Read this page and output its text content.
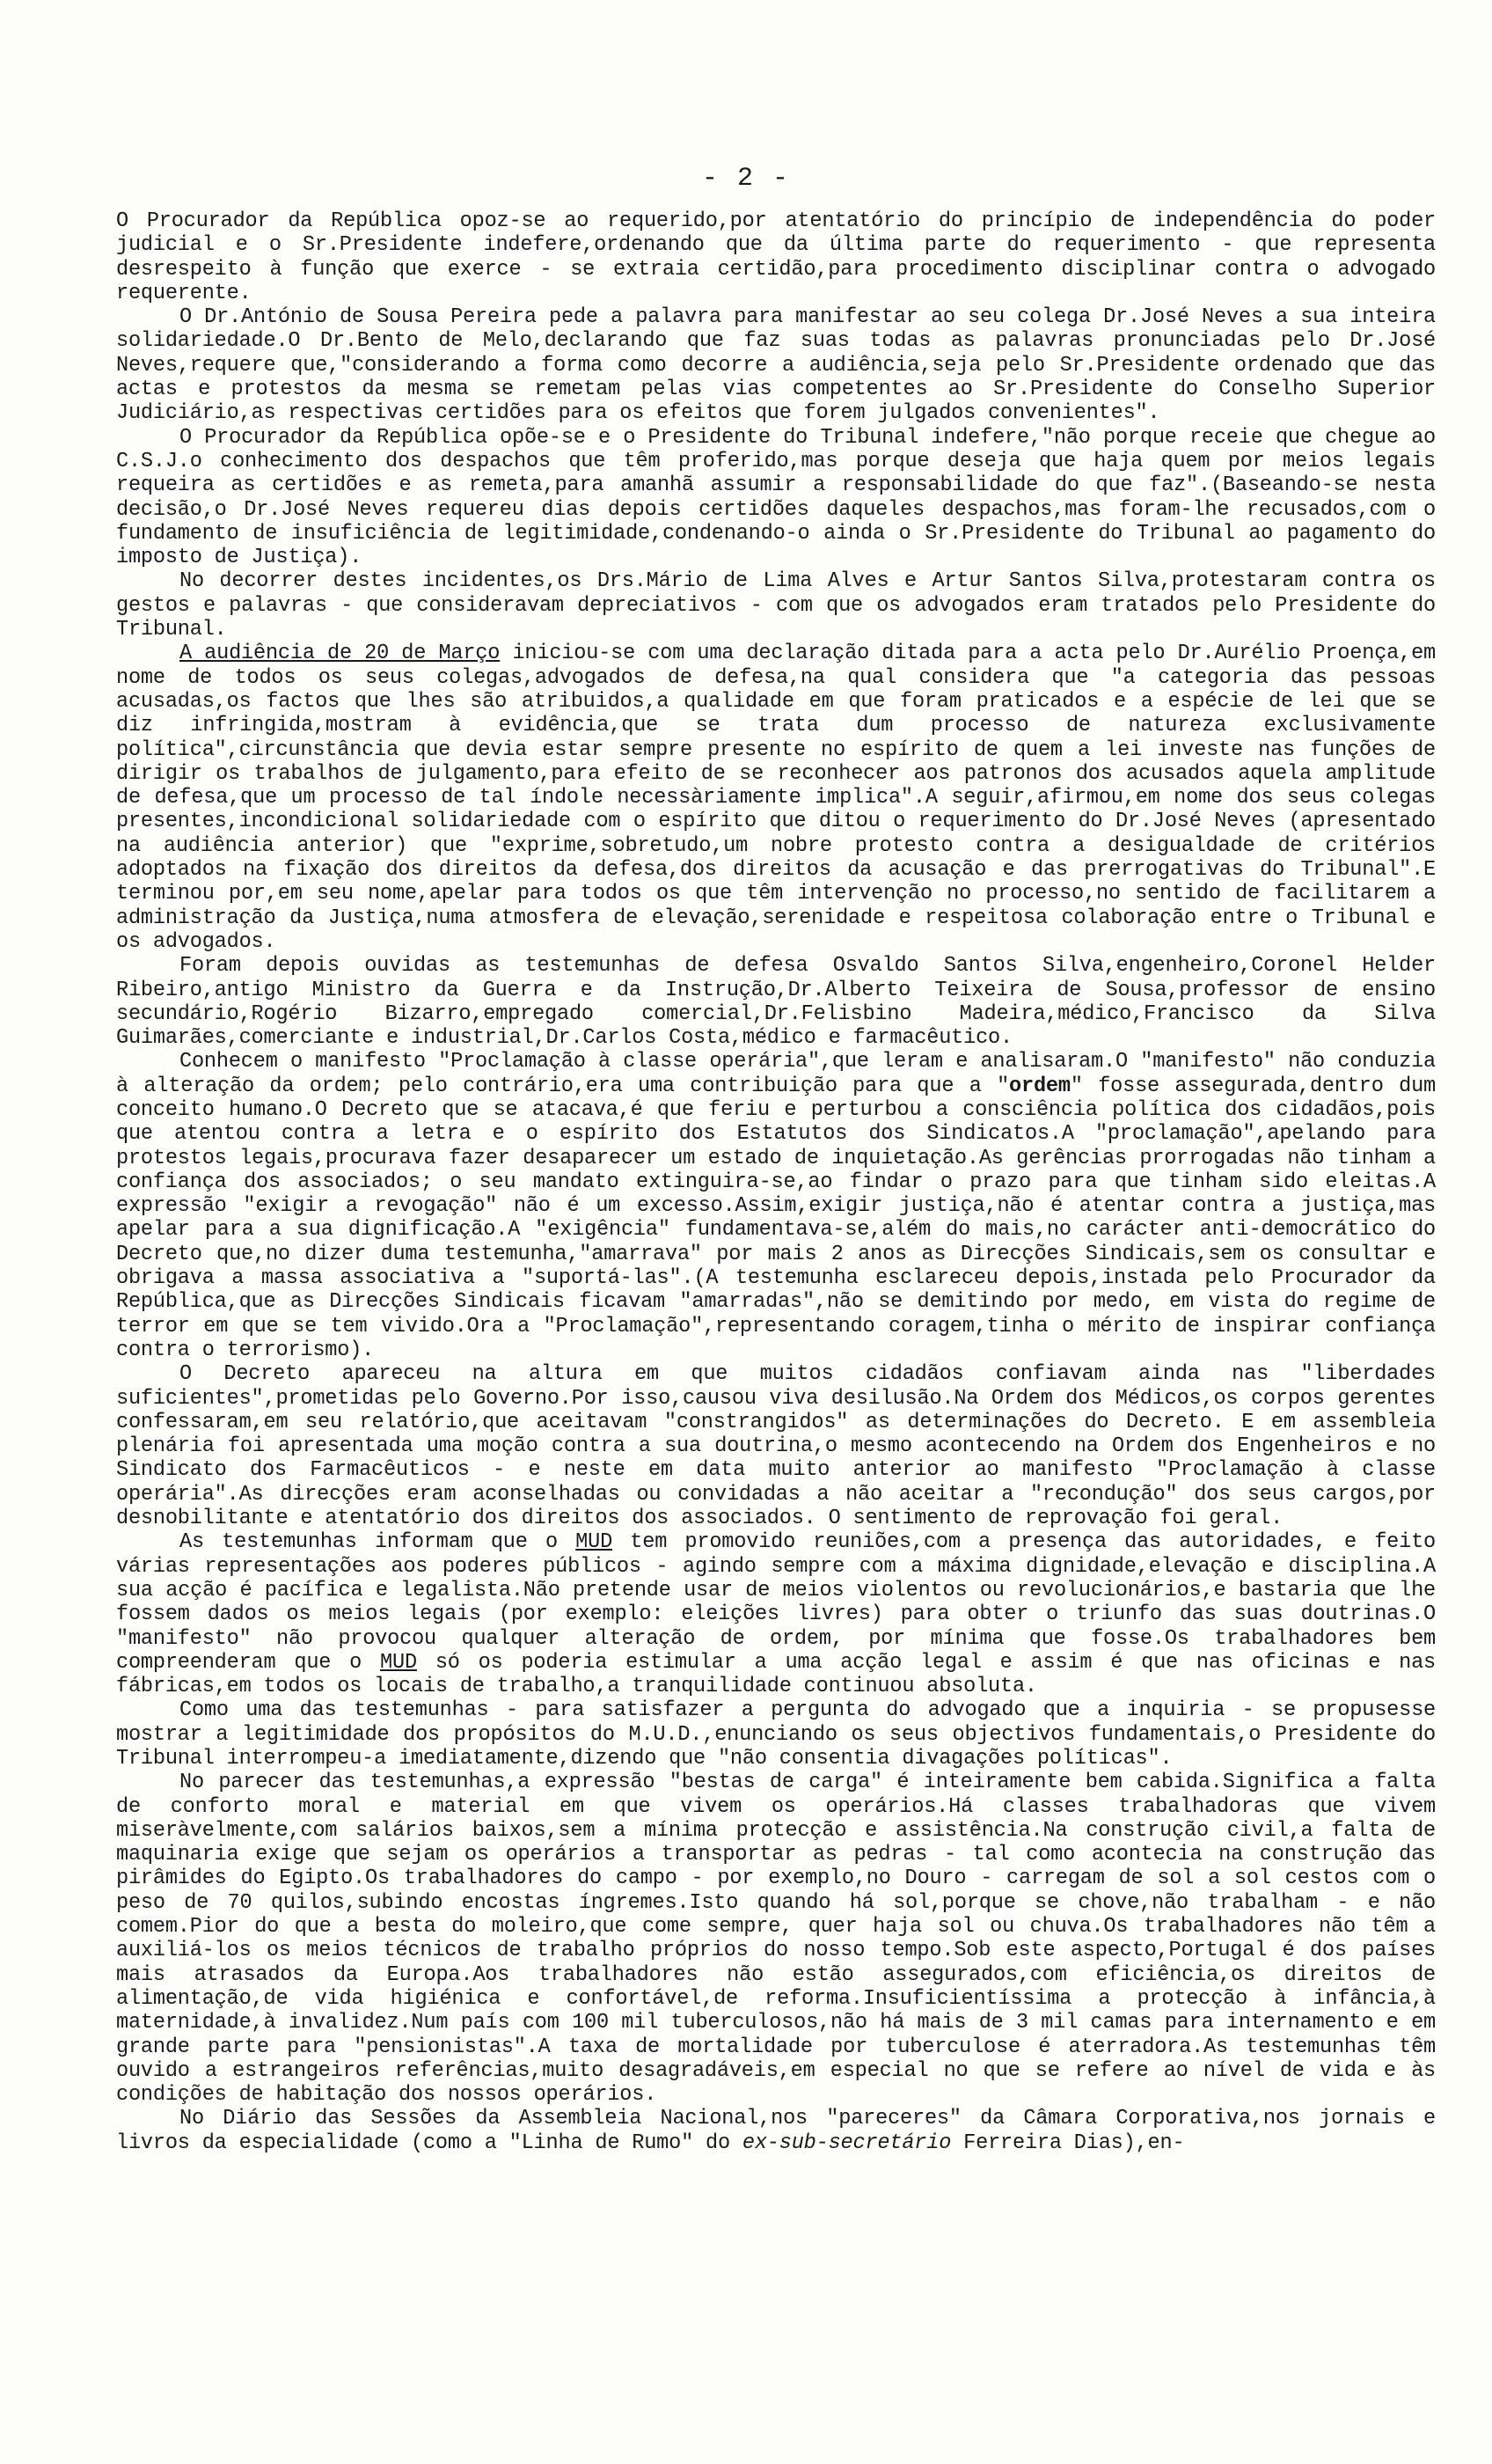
- 2 -

O Procurador da República opoz-se ao requerido,por atentatório do princípio de independência do poder judicial e o Sr.Presidente indefere,ordenando que da última parte do requerimento - que representa desrespeito à função que exerce - se extraia certidão,para procedimento disciplinar contra o advogado requerente.

O Dr.António de Sousa Pereira pede a palavra para manifestar ao seu colega Dr.José Neves a sua inteira solidariedade.O Dr.Bento de Melo,declarando que faz suas todas as palavras pronunciadas pelo Dr.José Neves,requere que,"considerando a forma como decorre a audiência,seja pelo Sr.Presidente ordenado que das actas e protestos da mesma se remetam pelas vias competentes ao Sr.Presidente do Conselho Superior Judiciário,as respectivas certidões para os efeitos que forem julgados convenientes".

O Procurador da República opõe-se e o Presidente do Tribunal indefere,"não porque receie que chegue ao C.S.J.o conhecimento dos despachos que têm proferido,mas porque deseja que haja quem por meios legais requeira as certidões e as remeta,para amanhã assumir a responsabilidade do que faz".(Baseando-se nesta decisão,o Dr.José Neves requereu dias depois certidões daqueles despachos,mas foram-lhe recusados,com o fundamento de insuficiência de legitimidade,condenando-o ainda o Sr.Presidente do Tribunal ao pagamento do imposto de Justiça).

No decorrer destes incidentes,os Drs.Mário de Lima Alves e Artur Santos Silva,protestaram contra os gestos e palavras - que consideravam depreciativos - com que os advogados eram tratados pelo Presidente do Tribunal.

A audiência de 20 de Março iniciou-se com uma declaração ditada para a acta pelo Dr.Aurélio Proença,em nome de todos os seus colegas,advogados de defesa,na qual considera que "a categoria das pessoas acusadas,os factos que lhes são atribuidos,a qualidade em que foram praticados e a espécie de lei que se diz infringida,mostram à evidência,que se trata dum processo de natureza exclusivamente política",circunstância que devia estar sempre presente no espírito de quem a lei investe nas funções de dirigir os trabalhos de julgamento,para efeito de se reconhecer aos patronos dos acusados aquela amplitude de defesa,que um processo de tal índole necessàriamente implica".A seguir,afirmou,em nome dos seus colegas presentes,incondicional solidariedade com o espírito que ditou o requerimento do Dr.José Neves (apresentado na audiência anterior) que "exprime,sobretudo,um nobre protesto contra a desigualdade de critérios adoptados na fixação dos direitos da defesa,dos direitos da acusação e das prerrogativas do Tribunal".E terminou por,em seu nome,apelar para todos os que têm intervenção no processo,no sentido de facilitarem a administração da Justiça,numa atmosfera de elevação,serenidade e respeitosa colaboração entre o Tribunal e os advogados.

Foram depois ouvidas as testemunhas de defesa Osvaldo Santos Silva,engenheiro,Coronel Helder Ribeiro,antigo Ministro da Guerra e da Instrução,Dr.Alberto Teixeira de Sousa,professor de ensino secundário,Rogério Bizarro,empregado comercial,Dr.Felisbino Madeira,médico,Francisco da Silva Guimarães,comerciante e industrial,Dr.Carlos Costa,médico e farmacêutico.

Conhecem o manifesto "Proclamação à classe operária",que leram e analisaram.O "manifesto" não conduzia à alteração da ordem; pelo contrário,era uma contribuição para que a "ordem" fosse assegurada,dentro dum conceito humano.O Decreto que se atacava,é que feriu e perturbou a consciência política dos cidadãos,pois que atentou contra a letra e o espírito dos Estatutos dos Sindicatos.A "proclamação",apelando para protestos legais,procurava fazer desaparecer um estado de inquietação.As gerências prorrogadas não tinham a confiança dos associados; o seu mandato extinguira-se,ao findar o prazo para que tinham sido eleitas.A expressão "exigir a revogação" não é um excesso.Assim,exigir justiça,não é atentar contra a justiça,mas apelar para a sua dignificação.A "exigência" fundamentava-se,além do mais,no carácter anti-democrático do Decreto que,no dizer duma testemunha,"amarrava" por mais 2 anos as Direcções Sindicais,sem os consultar e obrigava a massa associativa a "suportá-las".(A testemunha esclareceu depois,instada pelo Procurador da República,que as Direcções Sindicais ficavam "amarradas",não se demitindo por medo, em vista do regime de terror em que se tem vivido.Ora a "Proclamação",representando coragem,tinha o mérito de inspirar confiança contra o terrorismo).

O Decreto apareceu na altura em que muitos cidadãos confiavam ainda nas "liberdades suficientes",prometidas pelo Governo.Por isso,causou viva desilusão.Na Ordem dos Médicos,os corpos gerentes confessaram,em seu relatório,que aceitavam "constrangidos" as determinações do Decreto. E em assembleia plenária foi apresentada uma moção contra a sua doutrina,o mesmo acontecendo na Ordem dos Engenheiros e no Sindicato dos Farmacêuticos - e neste em data muito anterior ao manifesto "Proclamação à classe operária".As direcções eram aconselhadas ou convidadas a não aceitar a "recondução" dos seus cargos,por desnobilitante e atentatório dos direitos dos associados. O sentimento de reprovação foi geral.

As testemunhas informam que o MUD tem promovido reuniões,com a presença das autoridades, e feito várias representações aos poderes públicos - agindo sempre com a máxima dignidade,elevação e disciplina.A sua acção é pacífica e legalista.Não pretende usar de meios violentos ou revolucionários,e bastaria que lhe fossem dados os meios legais (por exemplo: eleições livres) para obter o triunfo das suas doutrinas.O "manifesto" não provocou qualquer alteração de ordem, por mínima que fosse.Os trabalhadores bem compreenderam que o MUD só os poderia estimular a uma acção legal e assim é que nas oficinas e nas fábricas,em todos os locais de trabalho,a tranquilidade continuou absoluta.

Como uma das testemunhas - para satisfazer a pergunta do advogado que a inquiria - se propusesse mostrar a legitimidade dos propósitos do M.U.D.,enunciando os seus objectivos fundamentais,o Presidente do Tribunal interrompeu-a imediatamente,dizendo que "não consentia divagações políticas".

No parecer das testemunhas,a expressão "bestas de carga" é inteiramente bem cabida.Significa a falta de conforto moral e material em que vivem os operários.Há classes trabalhadoras que vivem miseràvelmente,com salários baixos,sem a mínima protecção e assistência.Na construção civil,a falta de maquinaria exige que sejam os operários a transportar as pedras - tal como acontecia na construção das pirâmides do Egipto.Os trabalhadores do campo - por exemplo,no Douro - carregam de sol a sol cestos com o peso de 70 quilos,subindo encostas íngremes.Isto quando há sol,porque se chove,não trabalham - e não comem.Pior do que a besta do moleiro,que come sempre, quer haja sol ou chuva.Os trabalhadores não têm a auxiliá-los os meios técnicos de trabalho próprios do nosso tempo.Sob este aspecto,Portugal é dos países mais atrasados da Europa.Aos trabalhadores não estão assegurados,com eficiência,os direitos de alimentação,de vida higiénica e confortável,de reforma.Insuficientíssima a protecção à infância,à maternidade,à invalidez.Num país com 100 mil tuberculosos,não há mais de 3 mil camas para internamento e em grande parte para "pensionistas".A taxa de mortalidade por tuberculose é aterradora.As testemunhas têm ouvido a estrangeiros referências,muito desagradáveis,em especial no que se refere ao nível de vida e às condições de habitação dos nossos operários.

No Diário das Sessões da Assembleia Nacional,nos "pareceres" da Câmara Corporativa,nos jornais e livros da especialidade (como a "Linha de Rumo" do ex-sub-secretário Ferreira Dias),en-
